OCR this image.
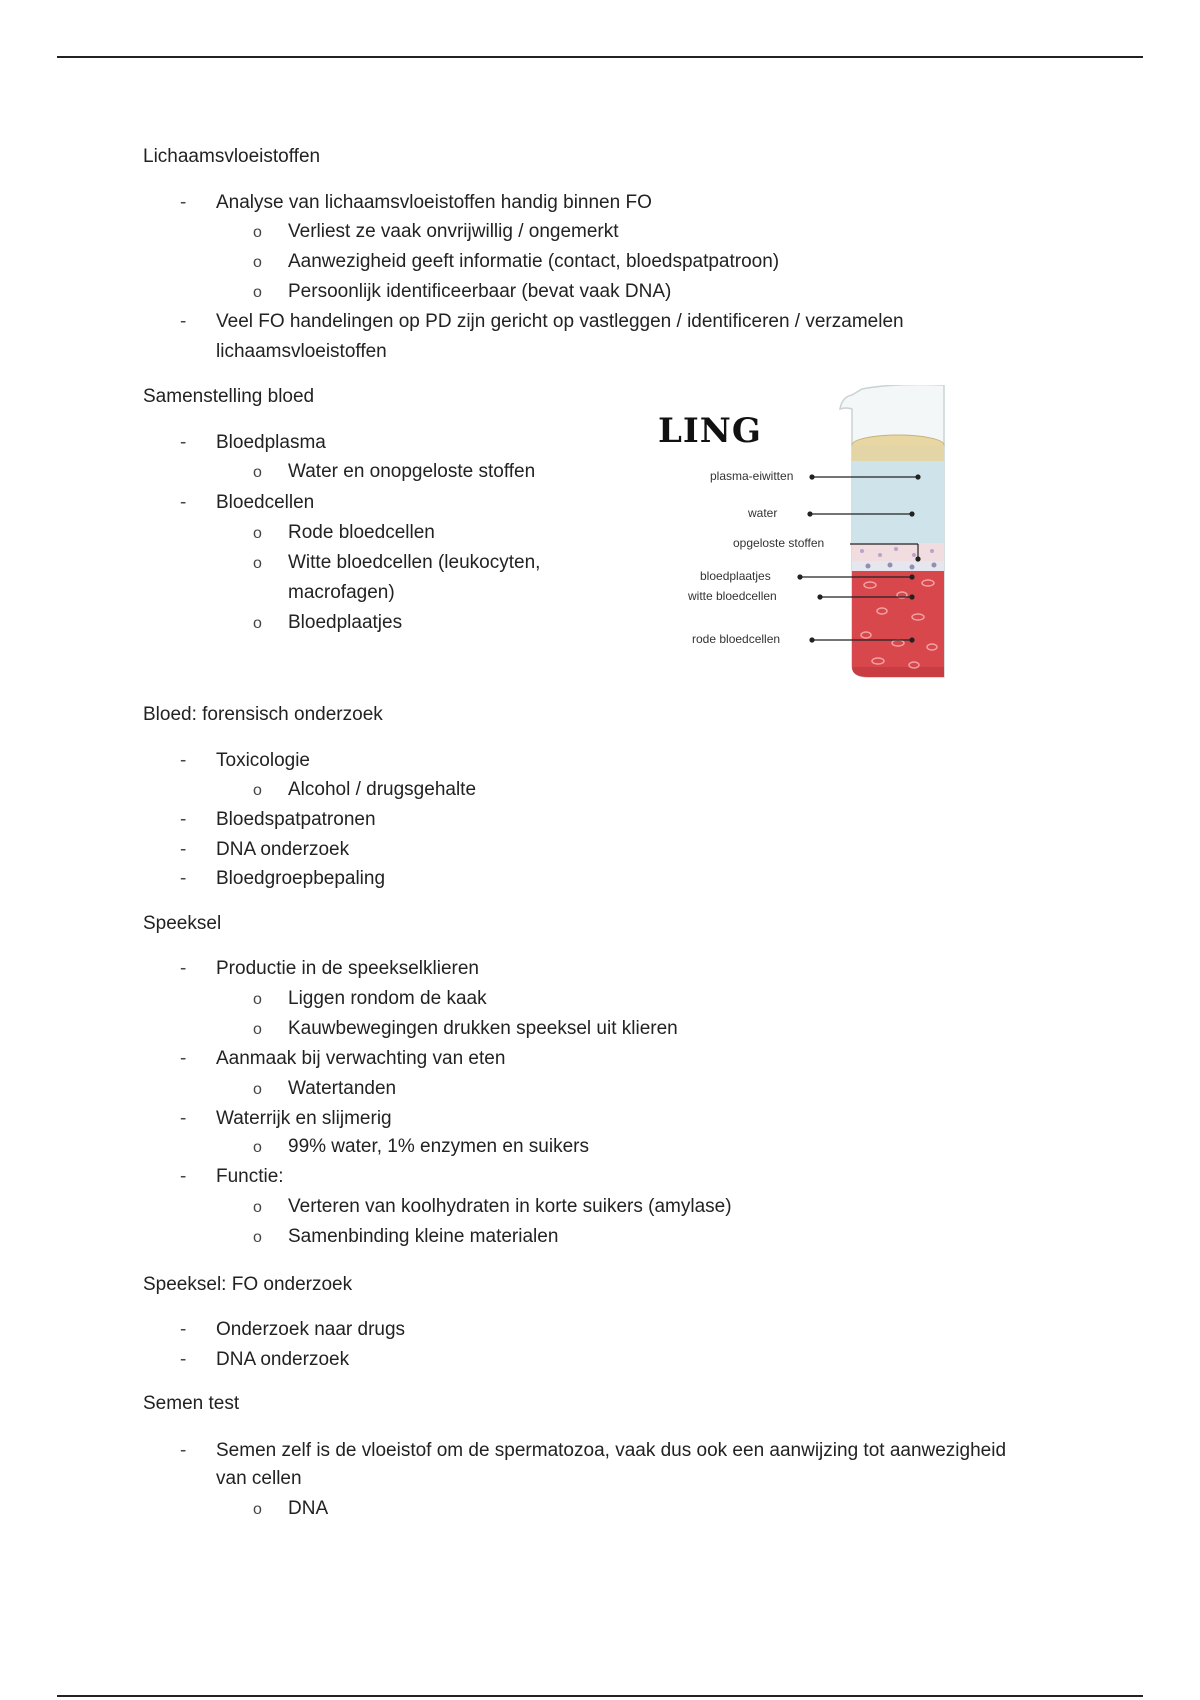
Lichaamsvloeistoffen
- Analyse van lichaamsvloeistoffen handig binnen FO
o Verliest ze vaak onvrijwillig / ongemerkt
o Aanwezigheid geeft informatie (contact, bloedspatpatroon)
o Persoonlijk identificeerbaar (bevat vaak DNA)
- Veel FO handelingen op PD zijn gericht op vastleggen / identificeren / verzamelen
lichaamsvloeistoffen
Samenstelling bloed
- Bloedplasma
o Water en onopgeloste stoffen
- Bloedcellen
o Rode bloedcellen
o Witte bloedcellen (leukocyten,
macrofagen)
o Bloedplaatjes
LING
plasma-eiwitten
water
opgeloste stoffen
bloedplaatjes
witte bloedcellen
rode bloedcellen
Bloed: forensisch onderzoek
- Toxicologie
o Alcohol / drugsgehalte
- Bloedspatpatronen
- DNA onderzoek
- Bloedgroepbepaling
Speeksel
- Productie in de speekselklieren
o Liggen rondom de kaak
o Kauwbewegingen drukken speeksel uit klieren
- Aanmaak bij verwachting van eten
o Watertanden
- Waterrijk en slijmerig
o 99% water, 1% enzymen en suikers
- Functie:
o Verteren van koolhydraten in korte suikers (amylase)
o Samenbinding kleine materialen
Speeksel: FO onderzoek
- Onderzoek naar drugs
- DNA onderzoek
Semen test
- Semen zelf is de vloeistof om de spermatozoa, vaak dus ook een aanwijzing tot aanwezigheid
van cellen
o DNA
